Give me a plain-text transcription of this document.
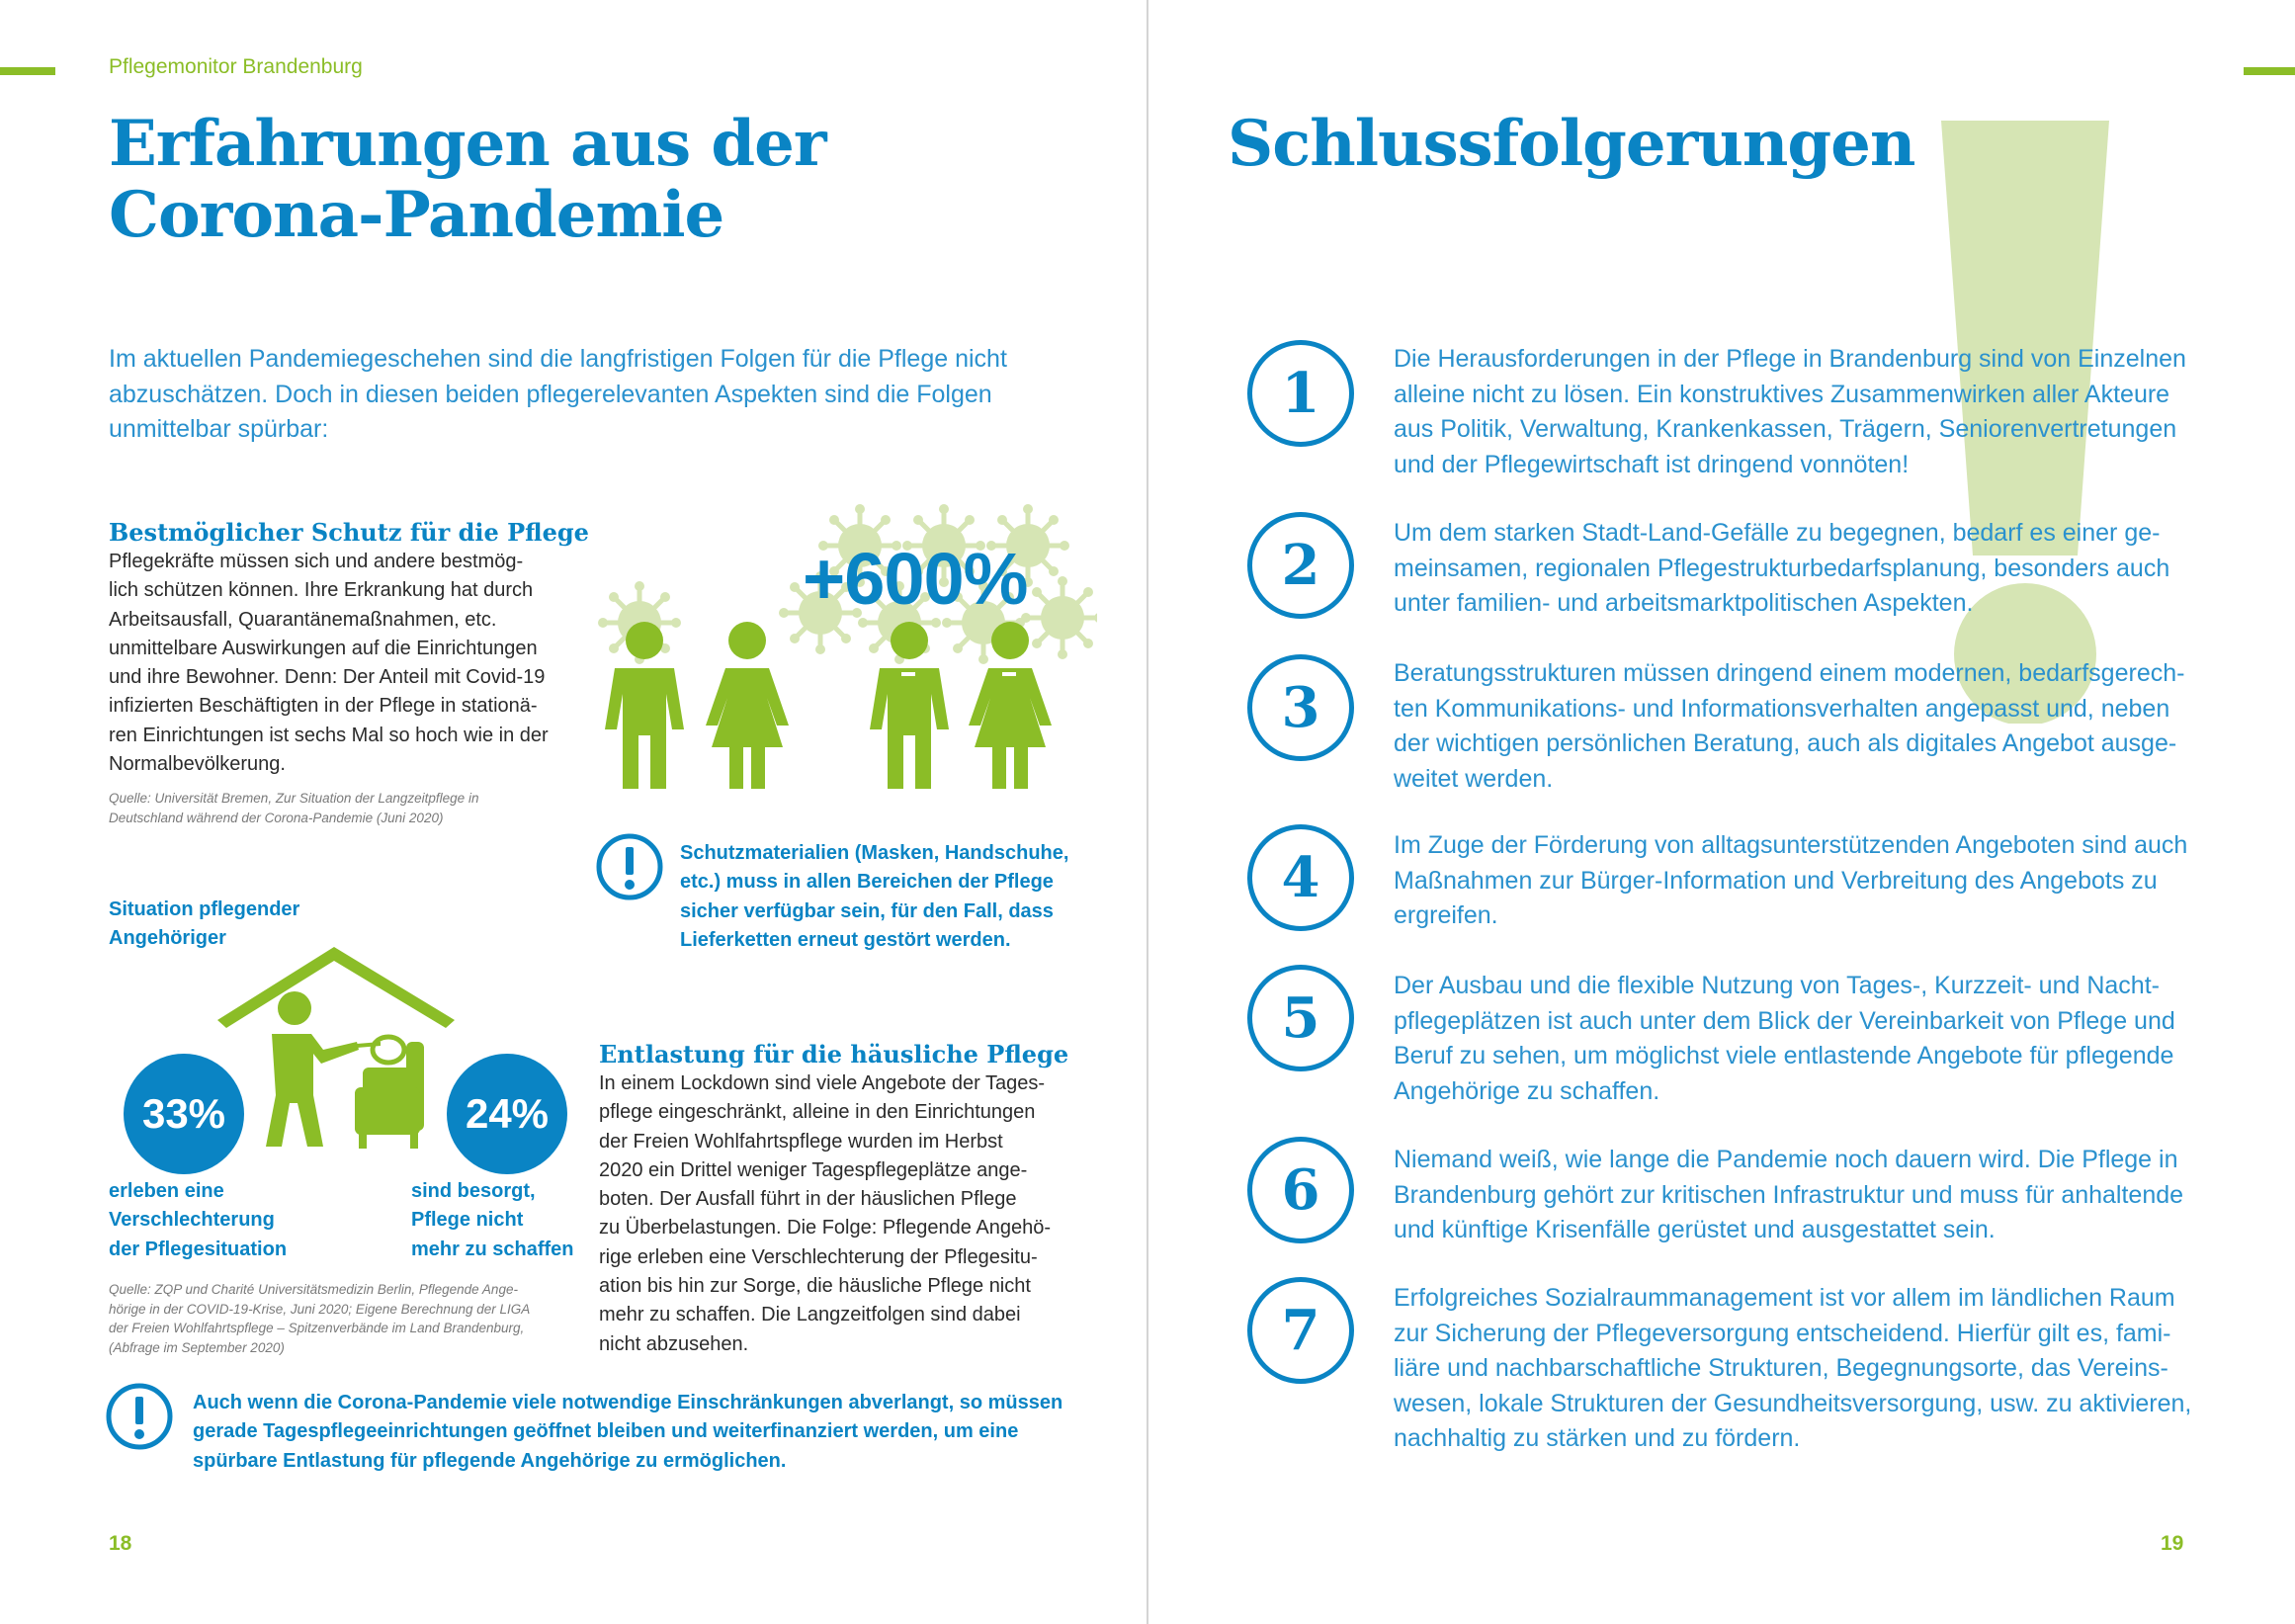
Pflegemonitor Brandenburg
Erfahrungen aus der
Corona-Pandemie

Im aktuellen Pandemiegeschehen sind die langfristigen Folgen für die Pflege nicht abzuschätzen. Doch in diesen beiden pflegerelevanten Aspekten sind die Folgen unmittelbar spürbar:

Bestmöglicher Schutz für die Pflege
Pflegekräfte müssen sich und andere bestmög-
lich schützen können. Ihre Erkrankung hat durch
Arbeitsausfall, Quarantänemaßnahmen, etc.
unmittelbare Auswirkungen auf die Einrichtungen
und ihre Bewohner. Denn: Der Anteil mit Covid-19
infizierten Beschäftigten in der Pflege in stationä-
ren Einrichtungen ist sechs Mal so hoch wie in der
Normalbevölkerung.
Quelle: Universität Bremen, Zur Situation der Langzeitpflege in
Deutschland während der Corona-Pandemie (Juni 2020)
+600%
Schutzmaterialien (Masken, Handschuhe,
etc.) muss in allen Bereichen der Pflege
sicher verfügbar sein, für den Fall, dass
Lieferketten erneut gestört werden.
Situation pflegender
Angehöriger
33%	24%
erleben eine
Verschlechterung
der Pflegesituation
sind besorgt,
Pflege nicht
mehr zu schaffen
Quelle: ZQP und Charité Universitätsmedizin Berlin, Pflegende Ange-
hörige in der COVID-19-Krise, Juni 2020; Eigene Berechnung der LIGA
der Freien Wohlfahrtspflege – Spitzenverbände im Land Brandenburg,
(Abfrage im September 2020)
Entlastung für die häusliche Pflege
In einem Lockdown sind viele Angebote der Tages-
pflege eingeschränkt, alleine in den Einrichtungen
der Freien Wohlfahrtspflege wurden im Herbst
2020 ein Drittel weniger Tagespflegeplätze ange-
boten. Der Ausfall führt in der häuslichen Pflege
zu Überbelastungen. Die Folge: Pflegende Angehö-
rige erleben eine Verschlechterung der Pflegesitu-
ation bis hin zur Sorge, die häusliche Pflege nicht
mehr zu schaffen. Die Langzeitfolgen sind dabei
nicht abzusehen.
Auch wenn die Corona-Pandemie viele notwendige Einschränkungen abverlangt, so müssen
gerade Tagespflegeeinrichtungen geöffnet bleiben und weiterfinanziert werden, um eine
spürbare Entlastung für pflegende Angehörige zu ermöglichen.
18
Schlussfolgerungen
1
Die Herausforderungen in der Pflege in Brandenburg sind von Einzelnen
alleine nicht zu lösen. Ein konstruktives Zusammenwirken aller Akteure
aus Politik, Verwaltung, Krankenkassen, Trägern, Seniorenvertretungen
und der Pflegewirtschaft ist dringend vonnöten!
2	Um dem starken Stadt-Land-Gefälle zu begegnen, bedarf es einer ge-
meinsamen, regionalen Pflegestrukturbedarfsplanung, besonders auch
unter familien- und arbeitsmarktpolitischen Aspekten.
3
Beratungsstrukturen müssen dringend einem modernen, bedarfsgerech-
ten Kommunikations- und Informationsverhalten angepasst und, neben
der wichtigen persönlichen Beratung, auch als digitales Angebot ausge-
weitet werden.
4	Im Zuge der Förderung von alltagsunterstützenden Angeboten sind auch
Maßnahmen zur Bürger-Information und Verbreitung des Angebots zu
ergreifen.
5	Der Ausbau und die flexible Nutzung von Tages-, Kurzzeit- und Nacht-
pflegeplätzen ist auch unter dem Blick der Vereinbarkeit von Pflege und
Beruf zu sehen, um möglichst viele entlastende Angebote für pflegende
Angehörige zu schaffen.
6	Niemand weiß, wie lange die Pandemie noch dauern wird. Die Pflege in
Brandenburg gehört zur kritischen Infrastruktur und muss für anhaltende
und künftige Krisenfälle gerüstet und ausgestattet sein.
7	Erfolgreiches Sozialraummanagement ist vor allem im ländlichen Raum
zur Sicherung der Pflegeversorgung entscheidend. Hierfür gilt es, fami-
liäre und nachbarschaftliche Strukturen, Begegnungsorte, das Vereins-
wesen, lokale Strukturen der Gesundheitsversorgung, usw. zu aktivieren,
nachhaltig zu stärken und zu fördern.
19
